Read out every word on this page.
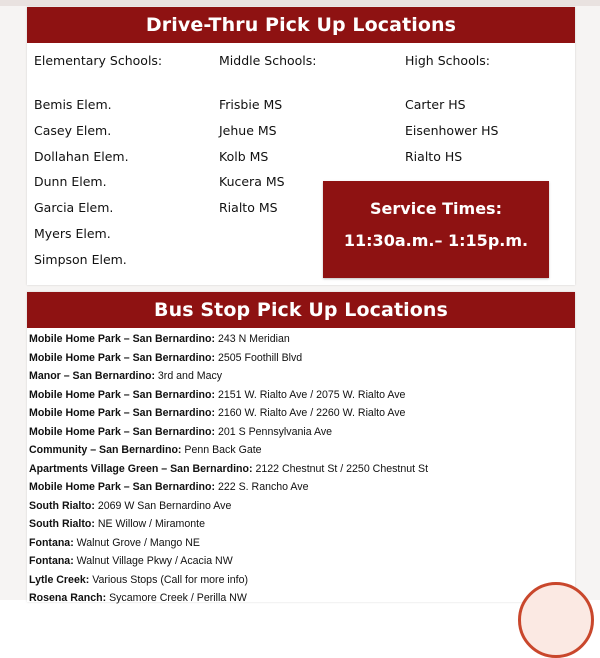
Drive-Thru Pick Up Locations
Elementary Schools:
Bemis Elem.
Casey Elem.
Dollahan Elem.
Dunn Elem.
Garcia Elem.
Myers Elem.
Simpson Elem.
Middle Schools:
Frisbie MS
Jehue MS
Kolb MS
Kucera MS
Rialto MS
High Schools:
Carter HS
Eisenhower HS
Rialto HS
Service Times:
11:30a.m.– 1:15p.m.
Bus Stop Pick Up Locations
Mobile Home Park – San Bernardino: 243 N Meridian
Mobile Home Park – San Bernardino: 2505 Foothill Blvd
Manor – San Bernardino: 3rd and Macy
Mobile Home Park – San Bernardino: 2151 W. Rialto Ave / 2075 W. Rialto Ave
Mobile Home Park – San Bernardino: 2160 W. Rialto Ave / 2260 W. Rialto Ave
Mobile Home Park – San Bernardino: 201 S Pennsylvania Ave
Community – San Bernardino: Penn Back Gate
Apartments Village Green – San Bernardino: 2122 Chestnut St / 2250 Chestnut St
Mobile Home Park – San Bernardino: 222 S. Rancho Ave
South Rialto: 2069 W San Bernardino Ave
South Rialto: NE Willow / Miramonte
Fontana: Walnut Grove / Mango NE
Fontana: Walnut Village Pkwy / Acacia NW
Lytle Creek: Various Stops (Call for more info)
Rosena Ranch: Sycamore Creek / Perilla NW
